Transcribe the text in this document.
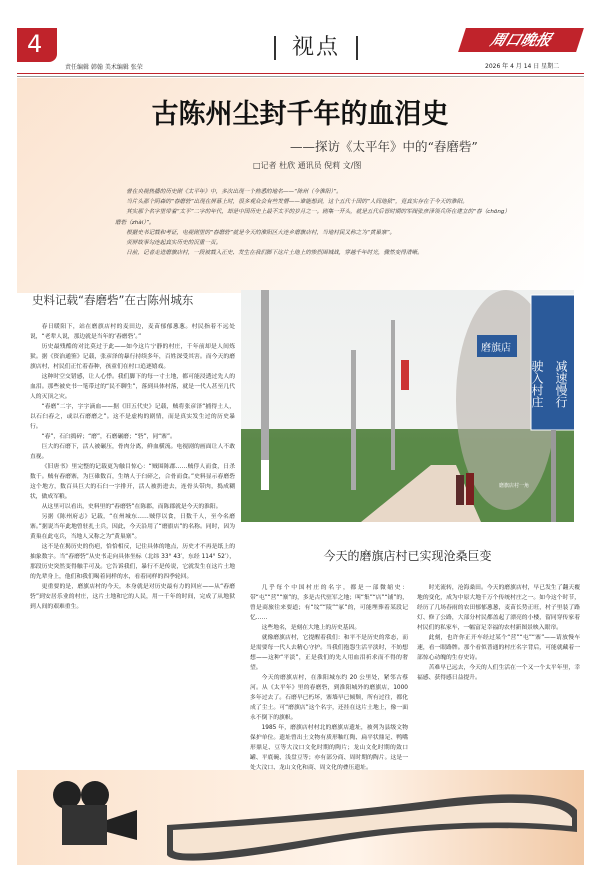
4
责任编辑 韩翰 美术编辑 张荣
视点	周口晚报
2026 年 4 月 14 日 星期二
古陈州尘封千年的血泪史
——探访《太平年》中的“舂磨砦”
□记者 杜欣 通讯员 倪莉 文/图

曾在央视热播的历史剧《太平年》中，多次出现一个熟悉的地名——“陈州（今淮阳）”。

当片头那个阴森的“舂磨砦”出现在屏幕上时，很多观众会有些发懵——谁能想到，这个五代十国的“人间地狱”，竟真实存在于今天的淮阳。

其实那个名字里带着“太平”二字的年代，却是中国历史上最不太平的岁月之一。剧集一开头，就是五代后晋时期的军阀张彦泽领兵所在建立的“舂（chōng）磨砦（zhài）”。

根据史书记载和考证，电视剧里的“舂磨砦”就是今天的淮阳区大连乡磨旗店村，当地村民又称之为“黄巢寨”。

荧屏故事勾连起真实历史的沉重一页。

日前，记者走进磨旗店村，一段被载入正史、发生在我们脚下这片土地上的惨烈围城战，穿越千年时光，骤然变得清晰。

史料记载“舂磨砦”在古陈州城东

春日暖阳下，站在磨旗店村的麦田边，麦苗郁郁葱葱。村民指着不远处说，“老辈人说，那边就是当年的‘舂磨砦’。”

历史最残酷的对比莫过于此——如今这片宁静的村庄，千年前却是人间炼狱。据《资治通鉴》记载，张彦泽的暴行持续多年，百姓深受其害。而今天的磨旗店村，村民们正忙着春种，孩童们在村口追逐嬉戏。

这种时空交错感，让人心悸。我们脚下的每一寸土地，都可能浸透过先人的血泪。那些被史书一笔带过的“民不聊生”，落到具体村落，就是一代人甚至几代人的灭顶之灾。

“舂磨”二字，字字滴血——据《旧五代史》记载，贼将张彦泽“捕得土人，以石臼舂之，或以石磨磨之”。这不是虚构的剧情，而是真实发生过的历史暴行。

“舂”，石臼捣碎；“磨”，石磨碾磨；“砦”，同“寨”。

巨大的石磨下，活人被碾压，骨肉分离，鲜血横流。电视剧的画面让人不敢直视。

《旧唐书》里完整的记载更为触目惊心：“贼围陈郡……贼俘人而食，日杀数千。贼有舂磨寨，为巨碓数百，生纳人于臼碎之，合骨而食。”史料显示舂磨砦这个地方，数百具巨大的石臼一字排开，活人被扔进去，连骨头带肉，捣成糊状，做成军粮。

从这里可以看出，史料里的“舂磨砦”在陈郡，而陈郡就是今天的淮阳。

另据《陈州府志》记载，“在州城东……贼俘以食，日数千人，至今名磨寨。”据说当年此地曾驻扎士兵，因此，今天沿用了“磨旗店”的名称。同时，因为黄巢在此屯兵，当地人又称之为“黄巢寨”。

这不是在揭历史的伤疤，恰恰相反，记住具体的地点，历史才不再是纸上的抽象数字。当“舂磨砦”从史书走向具体坐标（北纬 33° 43′，东经 114° 52′），那段历史突然变得触手可及。它告诉我们，暴行不是传说，它就发生在这片土地的先辈身上，他们和我们喝着同样的水，看着同样的四季轮回。

更重要的是，磨旗店村的今天，本身就是对历史最有力的回应——从“舂磨砦”到安居乐业的村庄，这片土地和它的人民，用一千年的时间，完成了从地狱到人间的艰难重生。

磨旗店
驶入村庄 减速慢行
磨旗店村一角
今天的磨旗店村已实现沧桑巨变

几乎每个中国村庄的名字，都是一部微缩史：带“屯”“营”“寨”的，多是古代驻军之地；叫“集”“店”“铺”的，曾是商旅往来要道；有“坟”“陵”“冢”的，可能埋葬着某段记忆……

这些地名，是刻在大地上的历史基因。

就像磨旗店村，它提醒着我们：和平不是历史的常态，而是需要每一代人去精心守护。当我们抱怨生活平淡时，不妨想想——这种“平淡”，正是我们的先人用血泪祈求而不得的奢望。

今天的磨旗店村，在淮阳城东约 20 公里处，紧邻古蔡河。从《太平年》里的舂磨砦，到淮阳城外的磨旗店，1000 多年过去了。石磨早已朽坏，寨墙早已倾颓，所有过往，都化成了尘土。可“磨旗店”这个名字，还挂在这片土地上，像一面永不倒下的旗帜。

1985 年，磨旗店村村北的磨旗店遗址，被列为县级文物保护单位。遗址曾出土文物有质形釉红陶、扁平状鼎足、鸭嘴形鼎足、豆等大汶口文化时期的陶片；龙山文化时期的敛口罐、平底碗、浅盘豆等；亦有部分商、周时期的陶片。这是一处大汶口、龙山文化和商、周文化的叠压遗址。

时光流转，沧海桑田。今天的磨旗店村，早已发生了翻天覆地的变化，成为中原大地千万个传统村庄之一。如今这个时节，经历了几场春雨的农田郁郁葱葱，麦苗长势正旺，村子里装了路灯、修了公路，大部分村民都盖起了漂亮的小楼，留同穿传家着村民们的私家车，一幅富足幸福的农村新图景映入眼帘。

此刻，也许你正开车经过某个“营”“屯”“寨”——请放慢车速，看一眼路牌。那个看似普通的村庄名字背后，可能就藏着一部惊心动魄的生存史诗。

苦难早已远去，今天的人们生活在一个又一个太平年里，幸福感、获得感日益提升。
